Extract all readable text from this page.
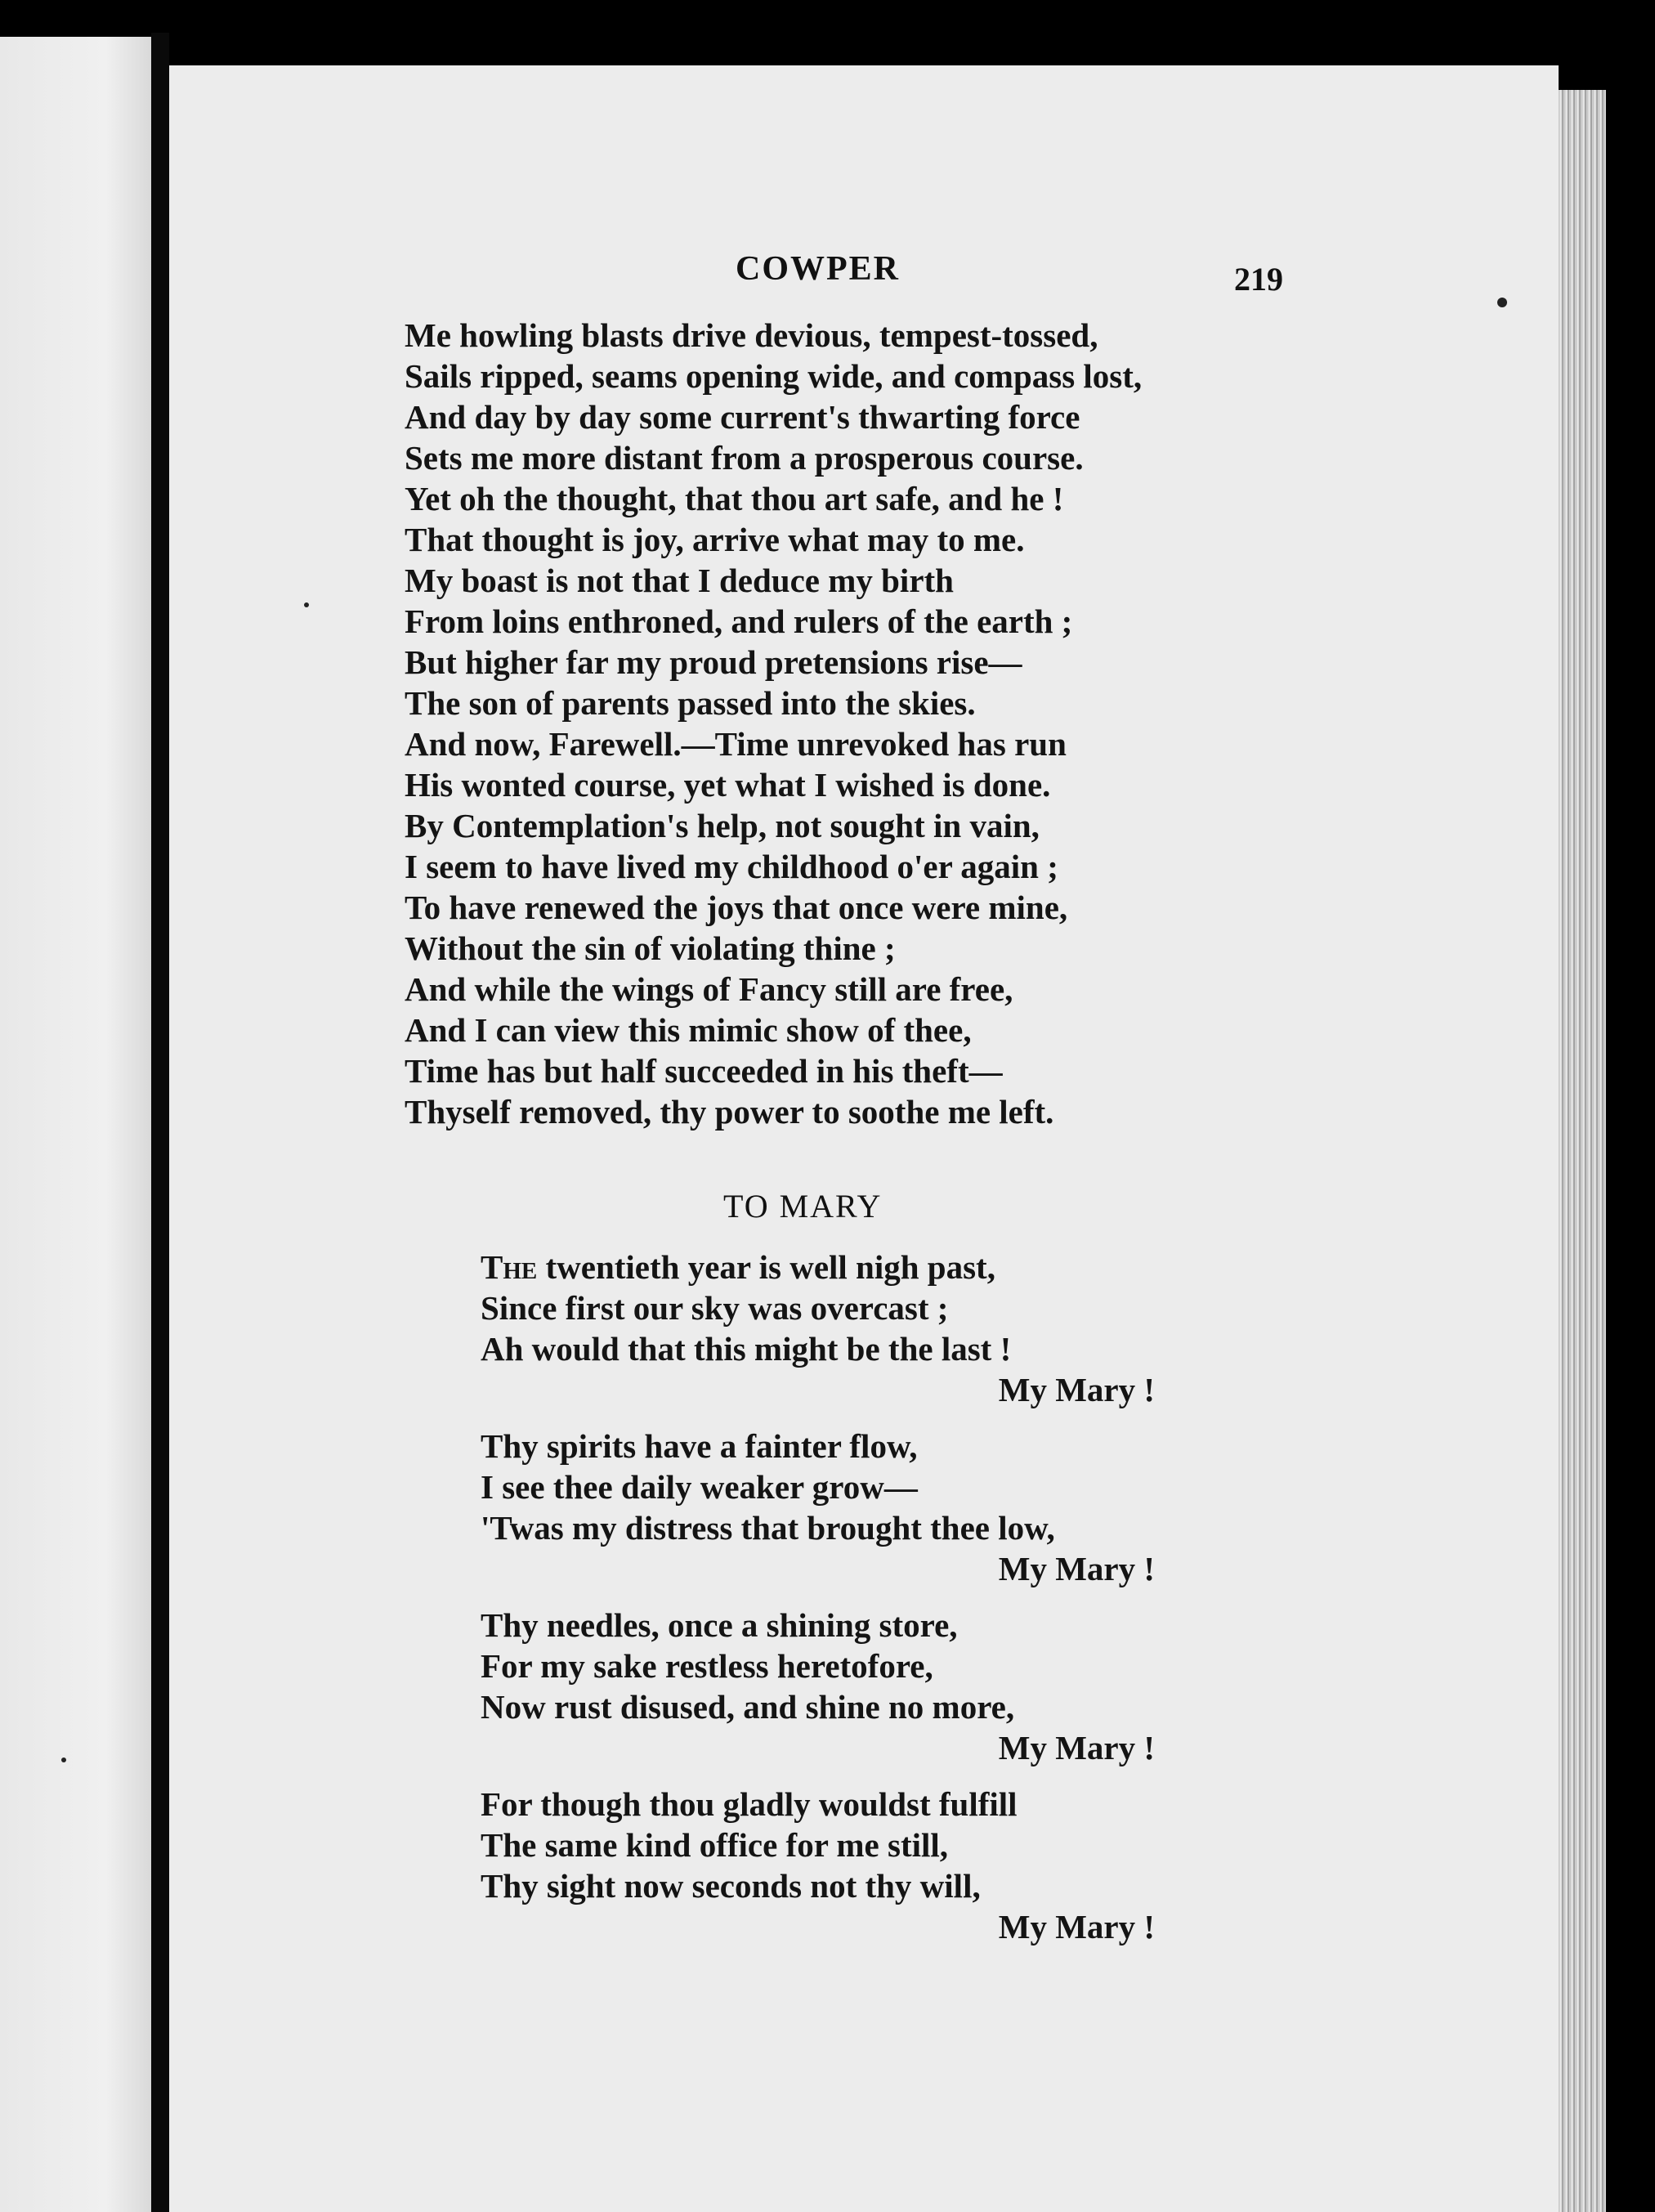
COWPER	219
Me howling blasts drive devious, tempest-tossed,
Sails ripped, seams opening wide, and compass lost,
And day by day some current's thwarting force
Sets me more distant from a prosperous course.
Yet oh the thought, that thou art safe, and he !
That thought is joy, arrive what may to me.
My boast is not that I deduce my birth
From loins enthroned, and rulers of the earth ;
But higher far my proud pretensions rise—
The son of parents passed into the skies.
And now, Farewell.—Time unrevoked has run
His wonted course, yet what I wished is done.
By Contemplation's help, not sought in vain,
I seem to have lived my childhood o'er again ;
To have renewed the joys that once were mine,
Without the sin of violating thine ;
And while the wings of Fancy still are free,
And I can view this mimic show of thee,
Time has but half succeeded in his theft—
Thyself removed, thy power to soothe me left.
TO MARY
The twentieth year is well nigh past,
Since first our sky was overcast ;
Ah would that this might be the last !
My Mary !
Thy spirits have a fainter flow,
I see thee daily weaker grow—
'Twas my distress that brought thee low,
My Mary !
Thy needles, once a shining store,
For my sake restless heretofore,
Now rust disused, and shine no more,
My Mary !
For though thou gladly wouldst fulfill
The same kind office for me still,
Thy sight now seconds not thy will,
My Mary !
